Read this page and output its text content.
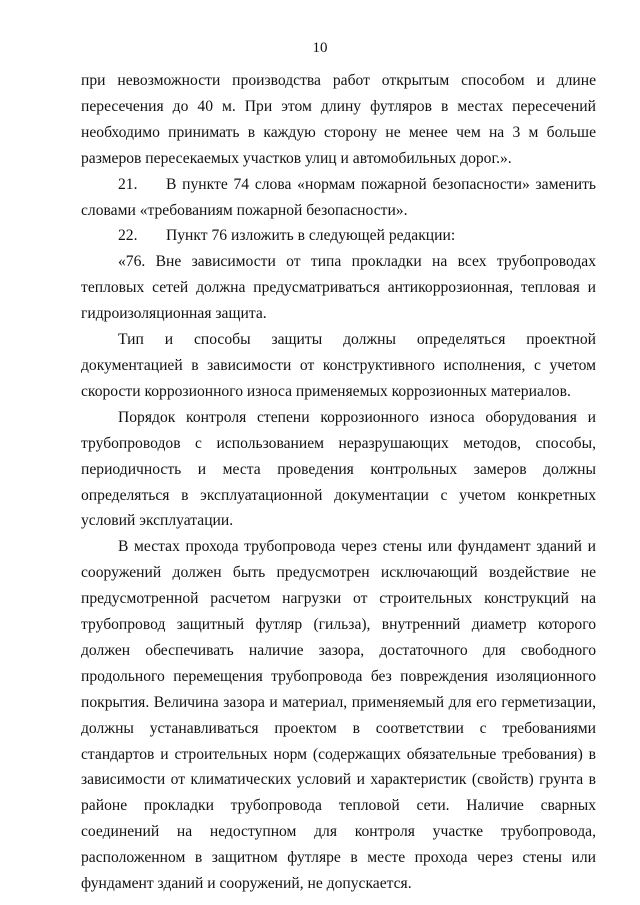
10

при невозможности производства работ открытым способом и длине пересечения до 40 м. При этом длину футляров в местах пересечений необходимо принимать в каждую сторону не менее чем на 3 м больше размеров пересекаемых участков улиц и автомобильных дорог.».

21. В пункте 74 слова «нормам пожарной безопасности» заменить словами «требованиям пожарной безопасности».

22. Пункт 76 изложить в следующей редакции:

«76. Вне зависимости от типа прокладки на всех трубопроводах тепловых сетей должна предусматриваться антикоррозионная, тепловая и гидроизоляционная защита.

Тип и способы защиты должны определяться проектной документацией в зависимости от конструктивного исполнения, с учетом скорости коррозионного износа применяемых коррозионных материалов.

Порядок контроля степени коррозионного износа оборудования и трубопроводов с использованием неразрушающих методов, способы, периодичность и места проведения контрольных замеров должны определяться в эксплуатационной документации с учетом конкретных условий эксплуатации.

В местах прохода трубопровода через стены или фундамент зданий и сооружений должен быть предусмотрен исключающий воздействие не предусмотренной расчетом нагрузки от строительных конструкций на трубопровод защитный футляр (гильза), внутренний диаметр которого должен обеспечивать наличие зазора, достаточного для свободного продольного перемещения трубопровода без повреждения изоляционного покрытия. Величина зазора и материал, применяемый для его герметизации, должны устанавливаться проектом в соответствии с требованиями стандартов и строительных норм (содержащих обязательные требования) в зависимости от климатических условий и характеристик (свойств) грунта в районе прокладки трубопровода тепловой сети. Наличие сварных соединений на недоступном для контроля участке трубопровода, расположенном в защитном футляре в месте прохода через стены или фундамент зданий и сооружений, не допускается.
